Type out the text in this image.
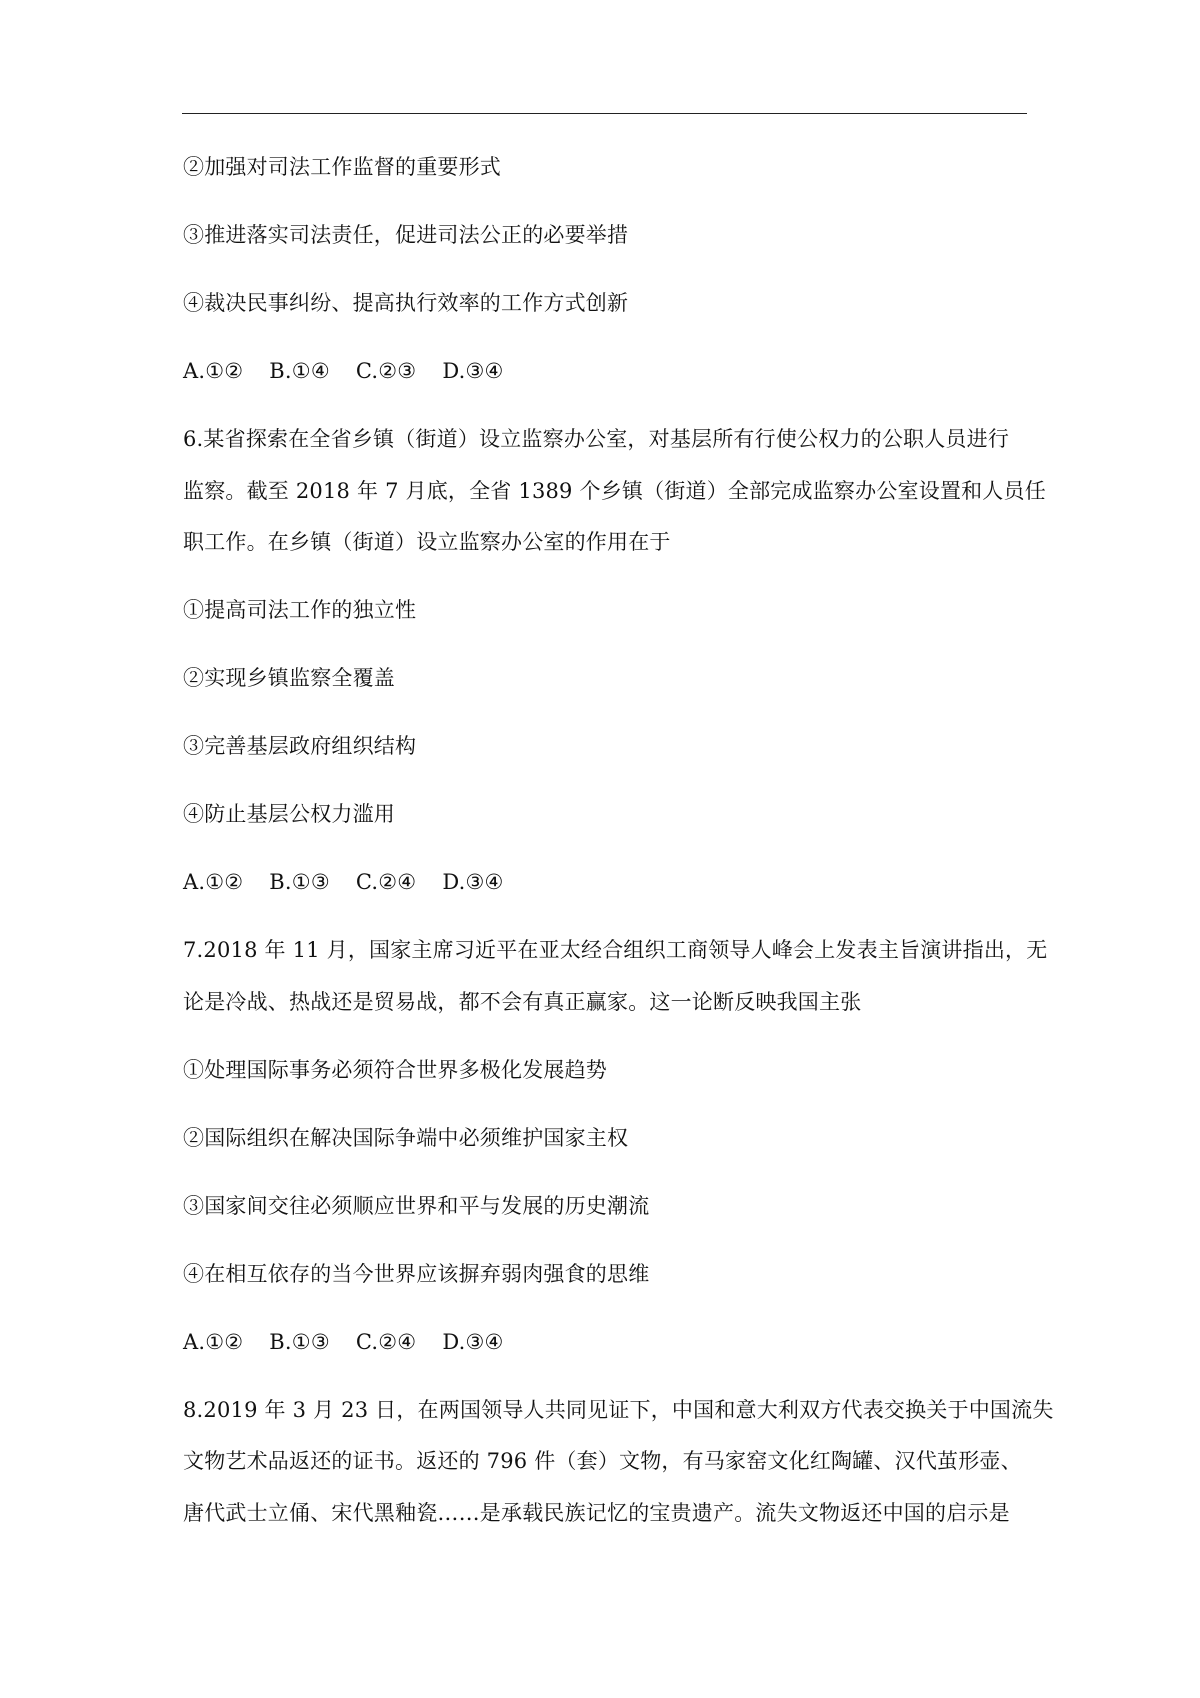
②加强对司法工作监督的重要形式
③推进落实司法责任，促进司法公正的必要举措
④裁决民事纠纷、提高执行效率的工作方式创新
A.①② B.①④ C.②③ D.③④
6.某省探索在全省乡镇（街道）设立监察办公室，对基层所有行使公权力的公职人员进行
监察。截至 2018 年 7 月底，全省 1389 个乡镇（街道）全部完成监察办公室设置和人员任
职工作。在乡镇（街道）设立监察办公室的作用在于
①提高司法工作的独立性
②实现乡镇监察全覆盖
③完善基层政府组织结构
④防止基层公权力滥用
A.①② B.①③ C.②④ D.③④
7.2018 年 11 月，国家主席习近平在亚太经合组织工商领导人峰会上发表主旨演讲指出，无
论是冷战、热战还是贸易战，都不会有真正赢家。这一论断反映我国主张
①处理国际事务必须符合世界多极化发展趋势
②国际组织在解决国际争端中必须维护国家主权
③国家间交往必须顺应世界和平与发展的历史潮流
④在相互依存的当今世界应该摒弃弱肉强食的思维
A.①② B.①③ C.②④ D.③④
8.2019 年 3 月 23 日，在两国领导人共同见证下，中国和意大利双方代表交换关于中国流失
文物艺术品返还的证书。返还的 796 件（套）文物，有马家窑文化红陶罐、汉代茧形壶、
唐代武士立俑、宋代黑釉瓷……是承载民族记忆的宝贵遗产。流失文物返还中国的启示是
